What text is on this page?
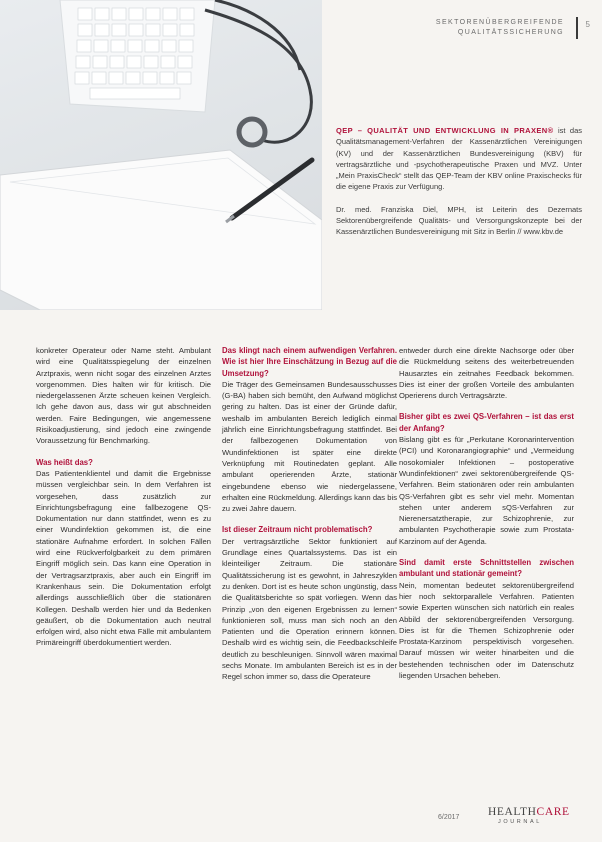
SEKTORENÜBERGREIFENDE
QUALITÄTSSICHERUNG
5

QEP – QUALITÄT UND ENTWICKLUNG IN PRAXEN® ist das Qualitätsmanagement-Verfahren der Kassenärztlichen Vereinigungen (KV) und der Kassenärztlichen Bundesvereinigung (KBV) für vertragsärztliche und -psychotherapeutische Praxen und MVZ. Unter „Mein PraxisCheck“ stellt das QEP-Team der KBV online Praxischecks für die eigene Praxis zur Verfügung.

Dr. med. Franziska Diel, MPH, ist Leiterin des Dezernats Sektorenübergreifende Qualitäts- und Versorgungskonzepte bei der Kassenärztlichen Bundesvereinigung mit Sitz in Berlin // www.kbv.de

konkreter Operateur oder Name steht. Ambulant wird eine Qualitätsspiegelung der einzelnen Arztpraxis, wenn nicht sogar des einzelnen Arztes vorgenommen. Dies halten wir für kritisch. Die niedergelassenen Ärzte scheuen keinen Vergleich. Ich gehe davon aus, dass wir gut abschneiden werden. Faire Bedingungen, wie angemessene Risikoadjustierung, sind jedoch eine zwingende Voraussetzung für Benchmarking.

Was heißt das?

Das Patientenklientel und damit die Ergebnisse müssen vergleichbar sein. In dem Verfahren ist vorgesehen, dass zusätzlich zur Einrichtungsbefragung eine fallbezogene QS-Dokumentation nur dann stattfindet, wenn es zu einer Wundinfektion gekommen ist, die eine stationäre Aufnahme erfordert. In solchen Fällen wird eine Rückverfolgbarkeit zu dem primären Eingriff möglich sein. Das kann eine Operation in der Vertragsarztpraxis, aber auch ein Eingriff im Krankenhaus sein. Die Dokumentation erfolgt allerdings ausschließlich über die stationären Kollegen. Deshalb werden hier und da Bedenken geäußert, ob die Dokumentation auch neutral erfolgen wird, also nicht etwa Fälle mit ambulantem Primäreingriff überdokumentiert werden.

Das klingt nach einem aufwendigen Verfahren. Wie ist hier Ihre Einschätzung in Bezug auf die Umsetzung?

Die Träger des Gemeinsamen Bundesausschusses (G-BA) haben sich bemüht, den Aufwand möglichst gering zu halten. Das ist einer der Gründe dafür, weshalb im ambulanten Bereich lediglich einmal jährlich eine Einrichtungsbefragung stattfindet. Bei der fallbezogenen Dokumentation von Wundinfektionen ist später eine direkte Verknüpfung mit Routinedaten geplant. Alle ambulant operierenden Ärzte, stationär eingebundene ebenso wie niedergelassene, erhalten eine Rückmeldung. Allerdings kann das bis zu zwei Jahre dauern.

Ist dieser Zeitraum nicht problematisch?

Der vertragsärztliche Sektor funktioniert auf Grundlage eines Quartalssystems. Das ist ein kleinteiliger Zeitraum. Die stationäre Qualitätssicherung ist es gewohnt, in Jahreszyklen zu denken. Dort ist es heute schon ungünstig, dass die Qualitätsberichte so spät vorliegen. Wenn das Prinzip „von den eigenen Ergebnissen zu lernen“ funktionieren soll, muss man sich noch an den Patienten und die Operation erinnern können. Deshalb wird es wichtig sein, die Feedbackschleife deutlich zu beschleunigen. Sinnvoll wären maximal sechs Monate. Im ambulanten Bereich ist es in der Regel schon immer so, dass die Operateure

entweder durch eine direkte Nachsorge oder über die Rückmeldung seitens des weiterbetreuenden Hausarztes ein zeitnahes Feedback bekommen. Dies ist einer der großen Vorteile des ambulanten Operierens durch Vertragsärzte.

Bisher gibt es zwei QS-Verfahren – ist das erst der Anfang?

Bislang gibt es für „Perkutane Koronarintervention (PCI) und Koronarangiographie“ und „Vermeidung nosokomialer Infektionen – postoperative Wundinfektionen“ zwei sektorenübergreifende QS-Verfahren. Beim stationären oder rein ambulanten QS-Verfahren gibt es sehr viel mehr. Momentan stehen unter anderem sQS-Verfahren zur Nierenersatztherapie, zur Schizophrenie, zur ambulanten Psychotherapie sowie zum Prostata-Karzinom auf der Agenda.

Sind damit erste Schnittstellen zwischen ambulant und stationär gemeint?

Nein, momentan bedeutet sektorenübergreifend hier noch sektorparallele Verfahren. Patienten sowie Experten wünschen sich natürlich ein reales Abbild der sektorenübergreifenden Versorgung. Dies ist für die Themen Schizophrenie oder Prostata-Karzinom perspektivisch vorgesehen. Darauf müssen wir weiter hinarbeiten und die bestehenden technischen oder im Datenschutz liegenden Ursachen beheben.

6/2017 HEALTHCARE
JOURNAL
